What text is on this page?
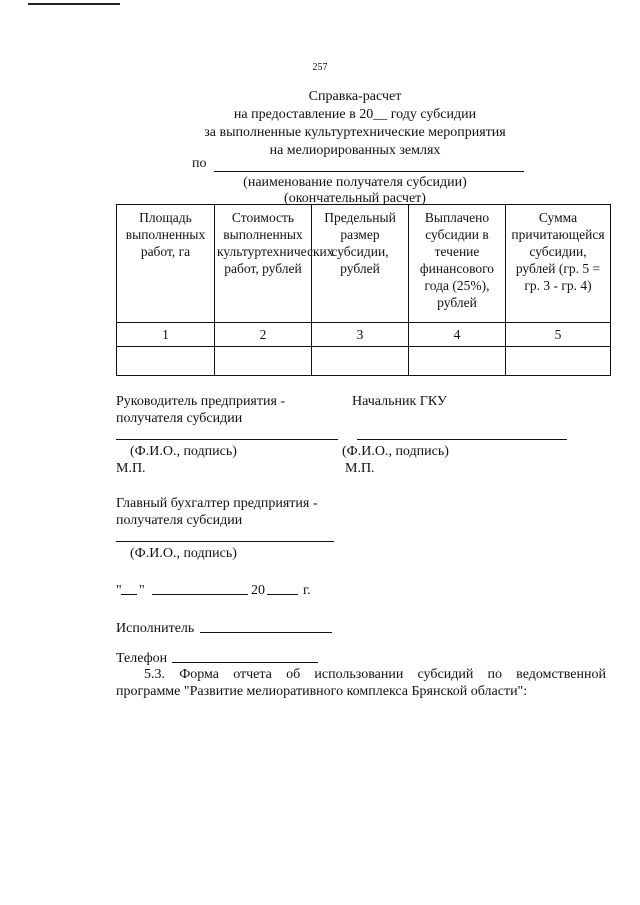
257
Справка-расчет
на предоставление в 20__ году субсидии
за выполненные культуртехнические мероприятия
на мелиорированных землях
по
(наименование получателя субсидии)
(окончательный расчет)
Площадь выполненных работ, га	Стоимость выполненных культуртехнических работ, рублей	Предельный размер субсидии, рублей	Выплачено субсидии в течение финансового года (25%), рублей	Сумма причитающейся субсидии, рублей (гр. 5 = гр. 3 - гр. 4)
1	2	3	4	5

Руководитель предприятия -
получателя субсидии
Начальник ГКУ
(Ф.И.О., подпись)
М.П.
(Ф.И.О., подпись)
М.П.
Главный бухгалтер предприятия -
получателя субсидии
(Ф.И.О., подпись)
" "	20	г.
Исполнитель
Телефон
5.3. Форма отчета об использовании субсидий по ведомственной
программе "Развитие мелиоративного комплекса Брянской области":
